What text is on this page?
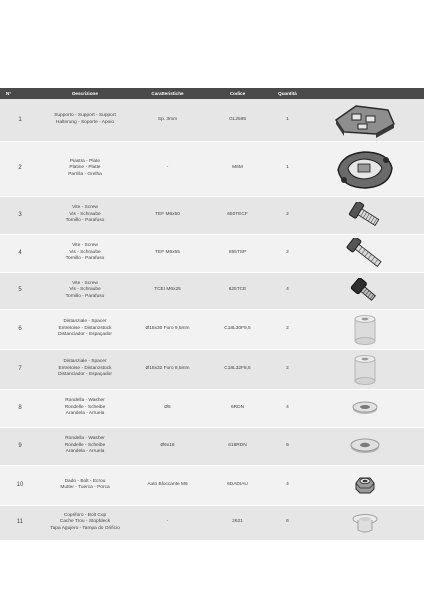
N°	Descrizione	Caratteristiche	Codice	Quantità	
1	Supporto - Support - Support
Halterung - Soporte - Apoio	Sp. 3mm	GL2595	1	

2	Piastra - Plate
Platine - Platte
Parrilla - Grelha	-	M6M	1	

3	Vite - Screw
Vis - Schraube
Tornillo - Parafuso	TEF M6x50	650TECF	2	

4	Vite - Screw
Vis - Schraube
Tornillo - Parafuso	TEF M6x55	655TSP	2	

5	Vite - Screw
Vis - Schraube
Tornillo - Parafuso	TCEI M6x25	625TCE	4	

6	Distanziale - Spacer
Entretoise - Distanzstück
Distanciador - Espaçador	Ø18x30 Foro 9,5mm	C18L30F9,5	2	

7	Distanziale - Spacer
Entretoise - Distanzstück
Distanciador - Espaçador	Ø18x32 Foro 8,5mm	C18L32F8,5	2	

8	Rondella - Washer
Rondelle - Scheibe
Arandela - Arruela	Ø6	6RDN	4	

9	Rondella - Washer
Rondelle - Scheibe
Arandela - Arruela	Ø6x18	618RDN	6	

10	Dado - Bolt - Ecrou
Mutter - Tuerca - Porca	Auto Bloccante M6	6DADIAU	4	

11	Copriforo - Bolt Cup
Cache Trou - Stopfdeck
Tapa Agujero - Tampa do Orificio	-	2621	6	
